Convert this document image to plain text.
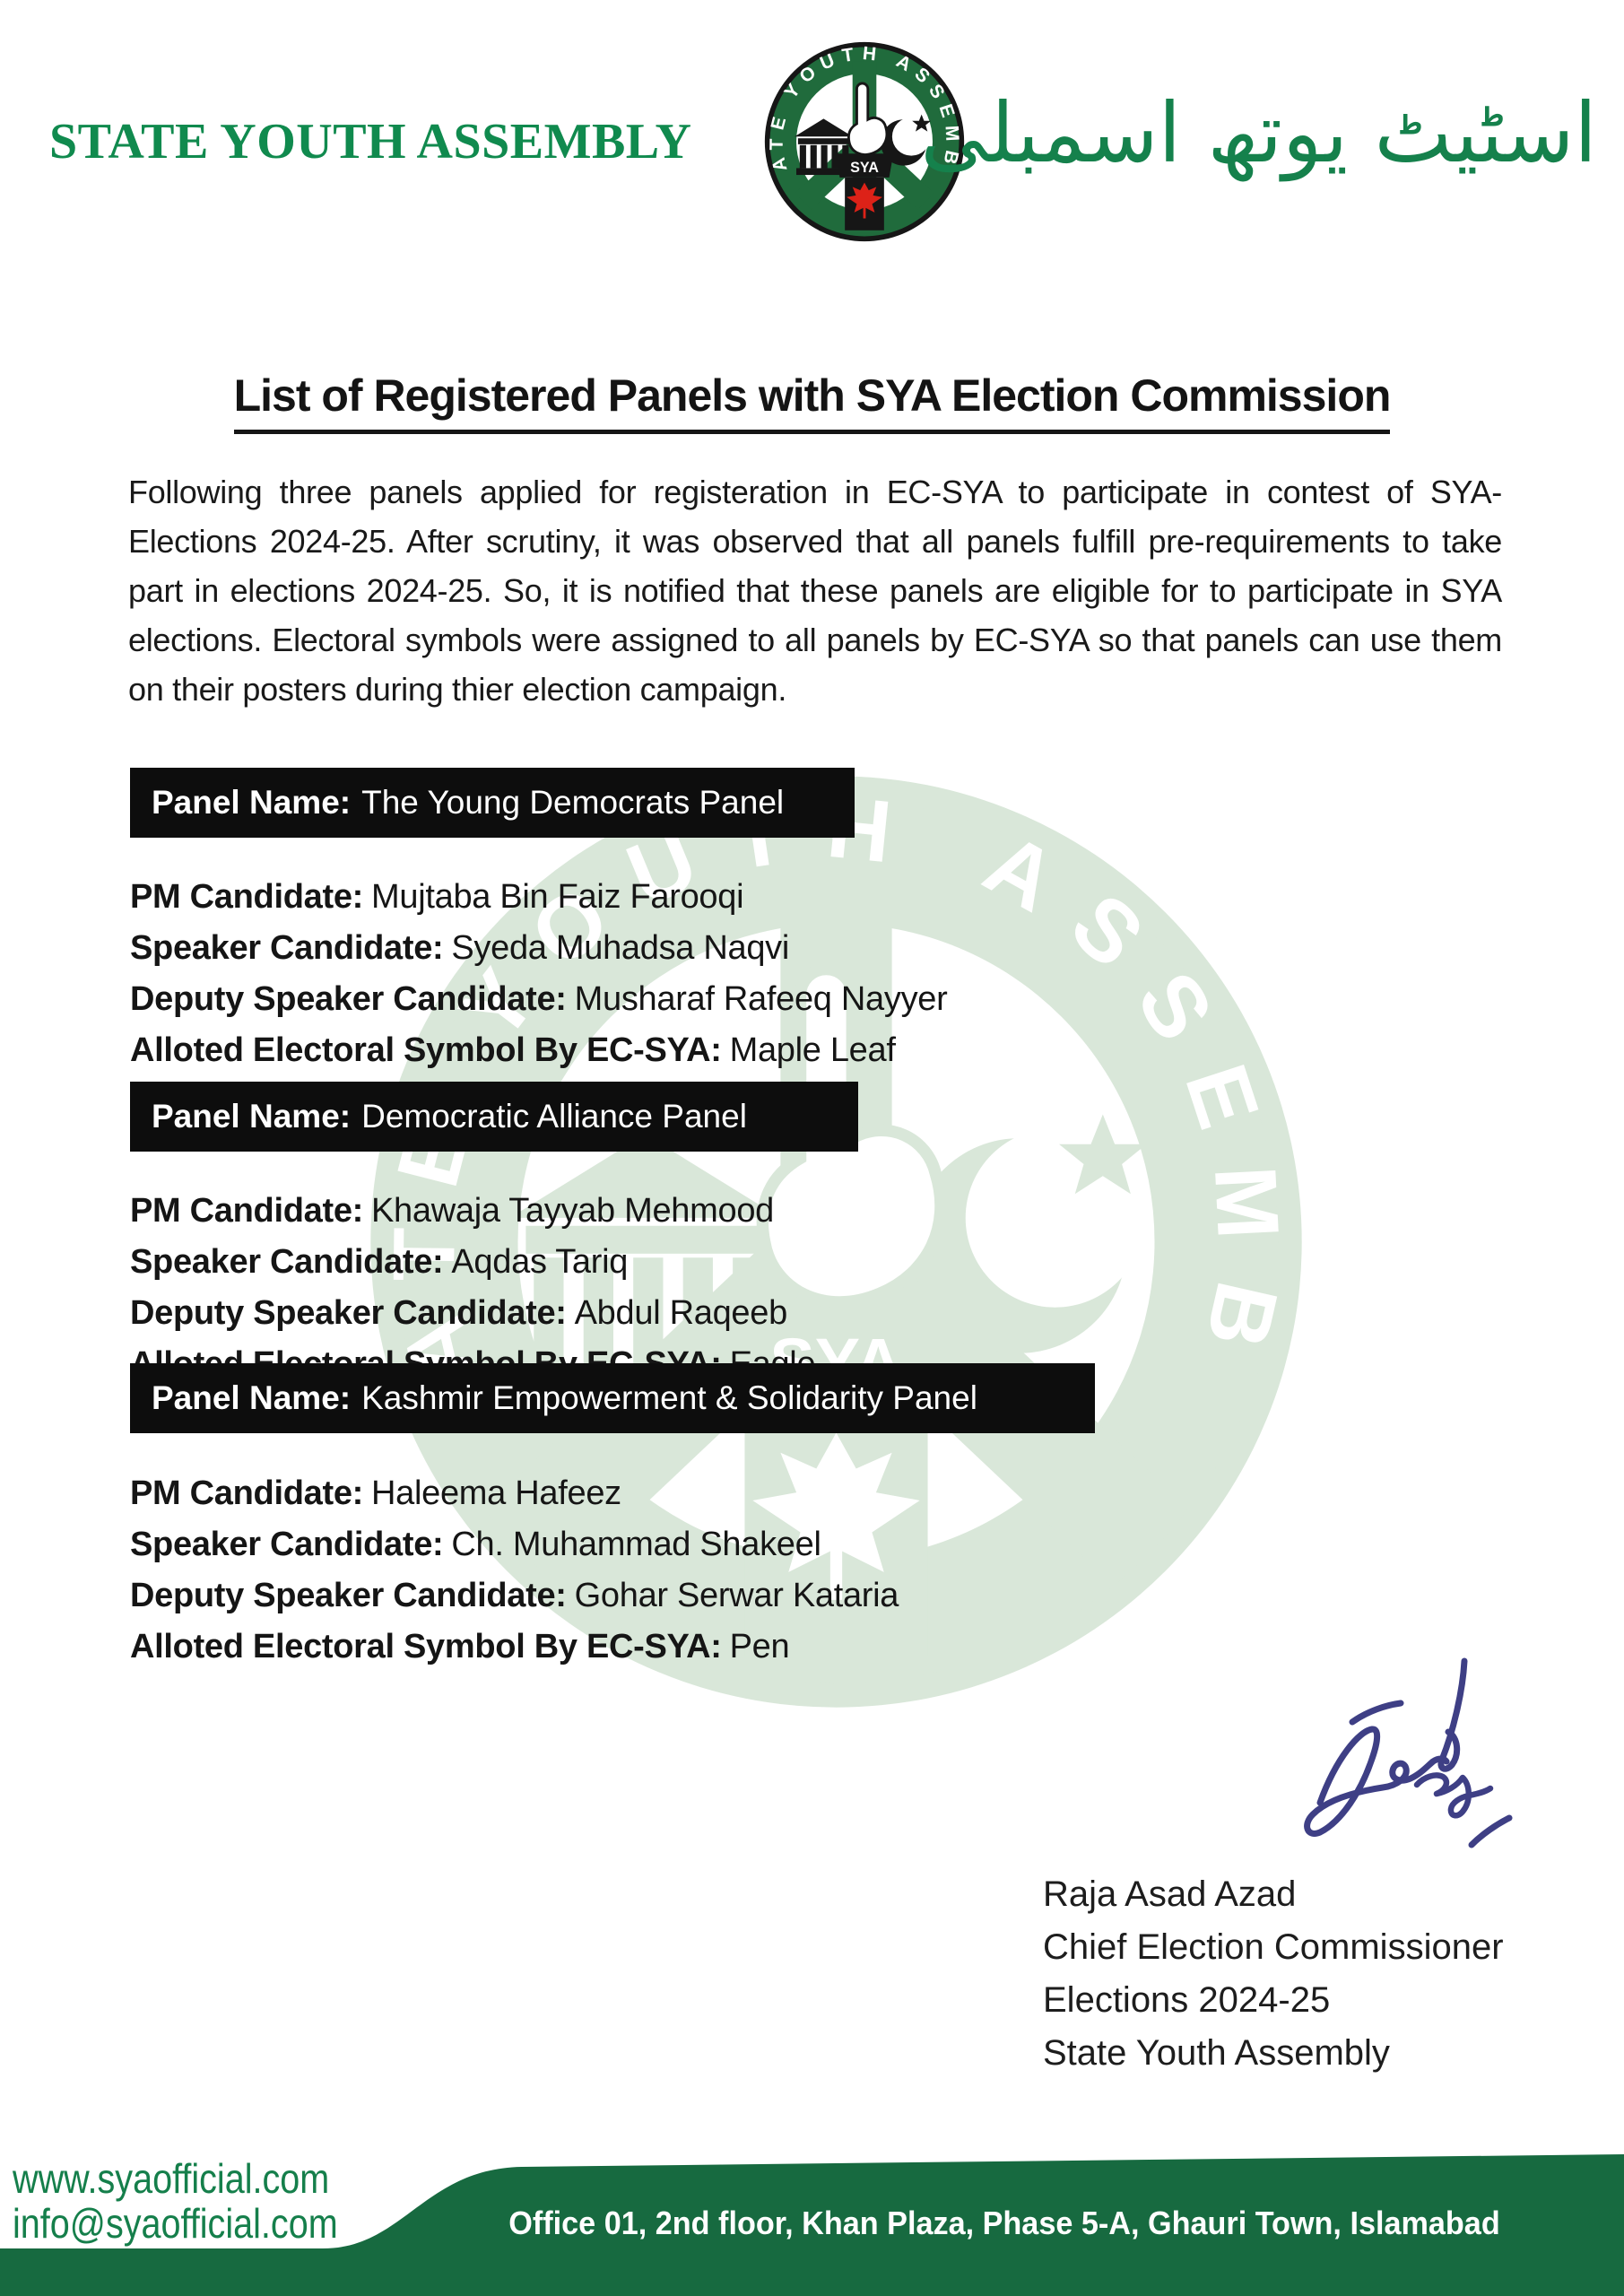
STATE YOUTH ASSEMBLY	اسٹیٹ یوتھ اسمبلی
List of Registered Panels with SYA Election Commission
Following three panels applied for registeration in EC-SYA to participate in contest of SYA-Elections 2024-25. After scrutiny, it was observed that all panels fulfill pre-requirements to take part in elections 2024-25. So, it is notified that these panels are eligible for to participate in SYA elections. Electoral symbols were assigned to all panels by EC-SYA so that panels can use them on their posters during thier election campaign.
Panel Name: The Young Democrats Panel
PM Candidate: Mujtaba Bin Faiz Farooqi
Speaker Candidate: Syeda Muhadsa Naqvi
Deputy Speaker Candidate: Musharaf Rafeeq Nayyer
Alloted Electoral Symbol By EC-SYA: Maple Leaf
Panel Name: Democratic Alliance Panel
PM Candidate: Khawaja Tayyab Mehmood
Speaker Candidate: Aqdas Tariq
Deputy Speaker Candidate: Abdul Raqeeb
Panel Name: Kashmir Empowerment & Solidarity Panel
PM Candidate: Haleema Hafeez
Speaker Candidate: Ch. Muhammad Shakeel
Deputy Speaker Candidate: Gohar Serwar Kataria
Alloted Electoral Symbol By EC-SYA: Pen
Raja Asad Azad
Chief Election Commissioner
Elections 2024-25
State Youth Assembly
www.syaofficial.com
info@syaofficial.com	Office 01, 2nd floor, Khan Plaza, Phase 5-A, Ghauri Town, Islamabad
